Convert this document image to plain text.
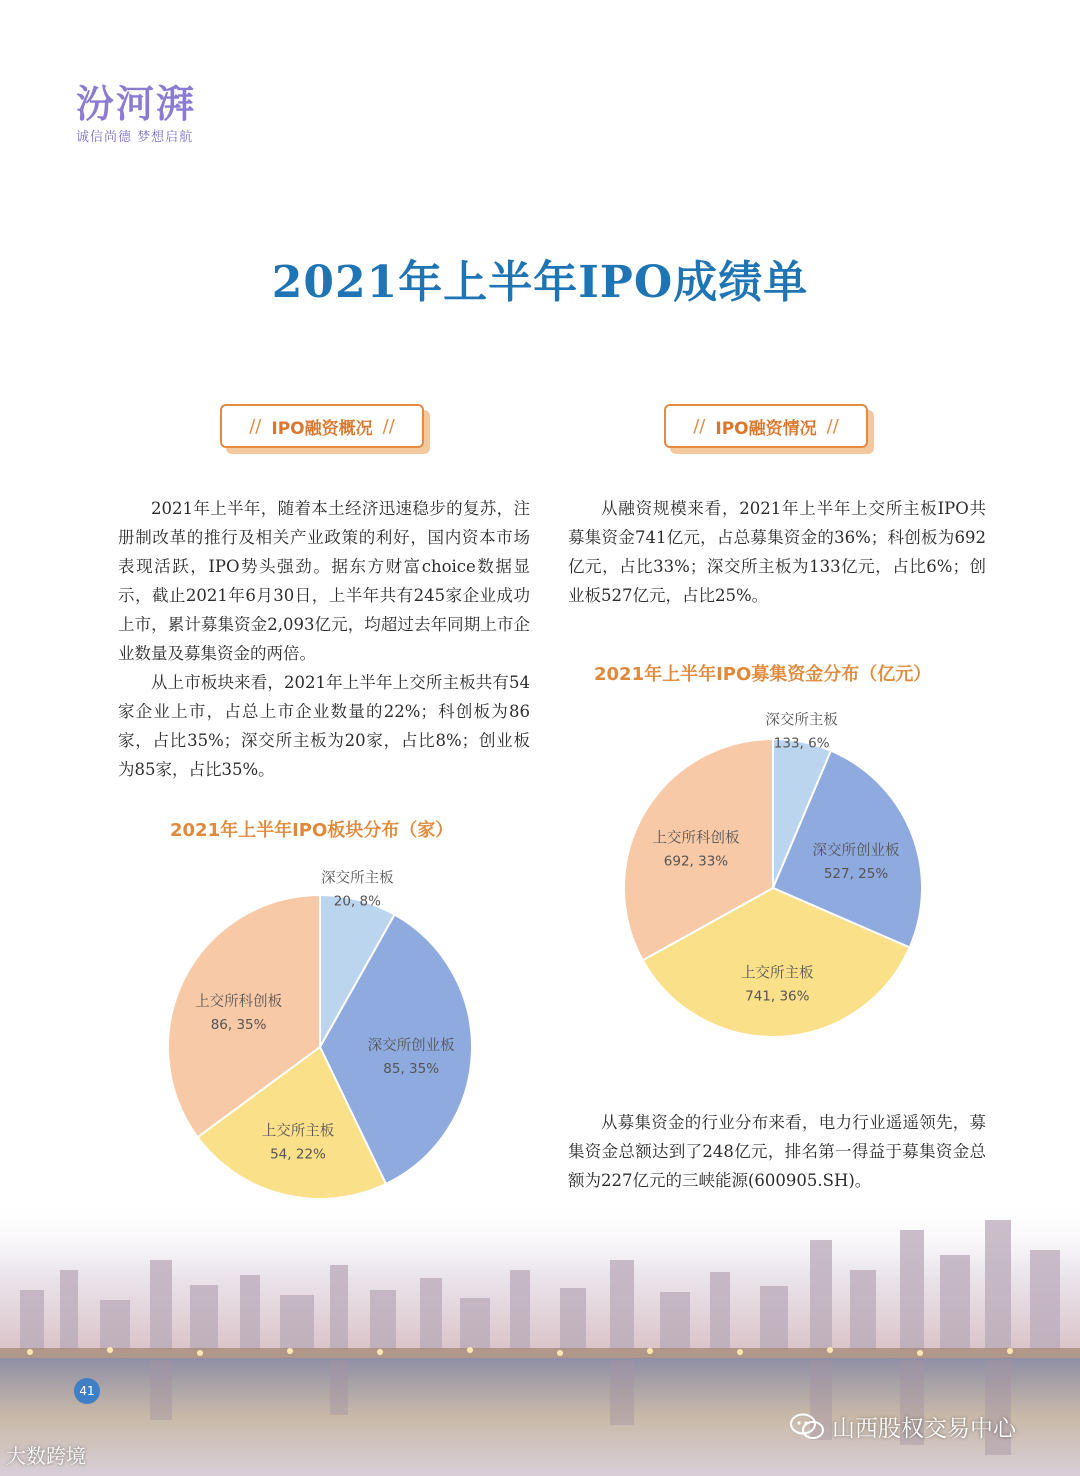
汾河湃
诚信尚德 梦想启航
2021年上半年IPO成绩单
// IPO融资概况 //	// IPO融资情况 //

2021年上半年，随着本土经济迅速稳步的复苏，注册制改革的推行及相关产业政策的利好，国内资本市场表现活跃，IPO势头强劲。据东方财富choice数据显示，截止2021年6月30日，上半年共有245家企业成功上市，累计募集资金2,093亿元，均超过去年同期上市企业数量及募集资金的两倍。

从上市板块来看，2021年上半年上交所主板共有54家企业上市，占总上市企业数量的22%；科创板为86家，占比35%；深交所主板为20家，占比8%；创业板为85家，占比35%。

从融资规模来看，2021年上半年上交所主板IPO共募集资金741亿元，占总募集资金的36%；科创板为692亿元，占比33%；深交所主板为133亿元，占比6%；创业板527亿元，占比25%。

从募集资金的行业分布来看，电力行业遥遥领先，募集资金总额达到了248亿元，排名第一得益于募集资金总额为227亿元的三峡能源(600905.SH)。

2021年上半年IPO板块分布（家）
2021年上半年IPO募集资金分布（亿元）
深交所主板
20, 8%
深交所创业板
85, 35%
上交所主板
54, 22%
上交所科创板
86, 35%
深交所主板
133, 6%
深交所创业板
527, 25%
上交所主板
741, 36%
上交所科创板
692, 33%
41
大数跨境
山西股权交易中心
